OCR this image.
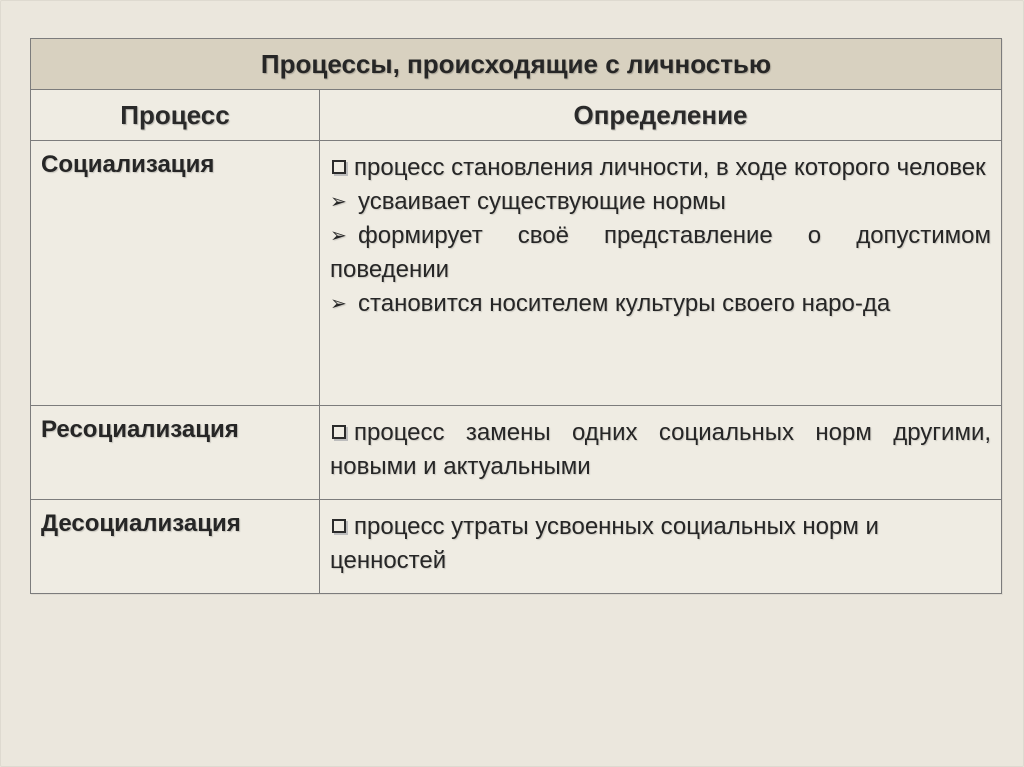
Процессы, происходящие с личностью	
Процесс	Определение
Социализация	процесс становления личности, в ходе которого человек
➢ усваивает существующие нормы
➢ формирует своё представление о допустимом поведении
➢ становится носителем культуры своего наро-да

Ресоциализация	процесс замены одних социальных норм другими, новыми и актуальными

Десоциализация	процесс утраты усвоенных социальных норм и ценностей
